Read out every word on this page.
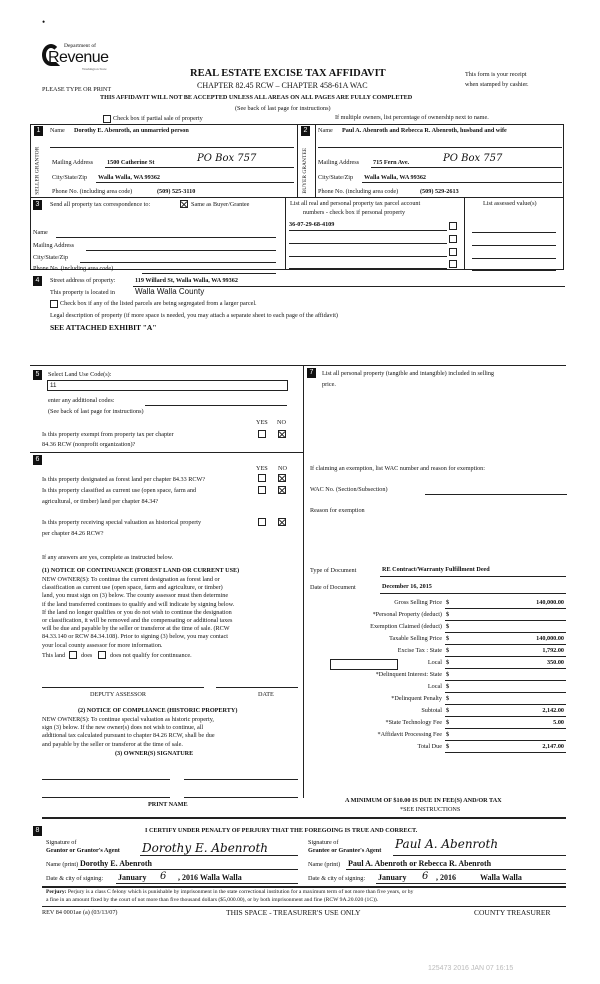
•
Department of
Revenue
Washington State	REAL ESTATE EXCISE TAX AFFIDAVIT
CHAPTER 82.45 RCW – CHAPTER 458-61A WAC
PLEASE TYPE OR PRINT
This form is your receipt
when stamped by cashier.
THIS AFFIDAVIT WILL NOT BE ACCEPTED UNLESS ALL AREAS ON ALL PAGES ARE FULLY COMPLETED
(See back of last page for instructions)
Check box if partial sale of property	If multiple owners, list percentage of ownership next to name.
1
SELLER GRANTOR
Name Dorothy E. Abenroth, an unmarried person
Mailing Address 1500 Catherine St	PO Box 757
City/State/Zip Walla Walla, WA 99362
Phone No. (including area code)	(509) 525-3110
2
BUYER GRANTEE
Name Paul A. Abenroth and Rebecca R. Abenroth, husband and wife
Mailing Address 715 Fern Ave.	PO Box 757
City/State/Zip Walla Walla, WA 99362
Phone No. (including area code)	(509) 529-2613
3	Send all property tax correspondence to:	Same as Buyer/Grantee
Name
Mailing Address
City/State/Zip
Phone No. (including area code)
List all real and personal property tax parcel account
numbers - check box if personal property
36-07-29-68-4109
List assessed value(s)
4	Street address of property:	119 Willard St, Walla Walla, WA 99362
This property is located in	Walla Walla County
Check box if any of the listed parcels are being segregated from a larger parcel.
Legal description of property (if more space is needed, you may attach a separate sheet to each page of the affidavit)
SEE ATTACHED EXHIBIT "A"
5	Select Land Use Code(s):
11
enter any additional codes:
(See back of last page for instructions)
YES NO
Is this property exempt from property tax per chapter
84.36 RCW (nonprofit organization)?
6
YES NO
Is this property designated as forest land per chapter 84.33 RCW?
Is this property classified as current use (open space, farm and
agricultural, or timber) land per chapter 84.34?
Is this property receiving special valuation as historical property
per chapter 84.26 RCW?
If any answers are yes, complete as instructed below.
(1) NOTICE OF CONTINUANCE (FOREST LAND OR CURRENT USE)
NEW OWNER(S): To continue the current designation as forest land or
classification as current use (open space, farm and agriculture, or timber)
land, you must sign on (3) below. The county assessor must then determine
if the land transferred continues to qualify and will indicate by signing below.
If the land no longer qualifies or you do not wish to continue the designation
or classification, it will be removed and the compensating or additional taxes
will be due and payable by the seller or transferor at the time of sale. (RCW
84.33.140 or RCW 84.34.108). Prior to signing (3) below, you may contact
your local county assessor for more information.
This land	does	does not qualify for continuance.
DEPUTY ASSESSOR	DATE
(2) NOTICE OF COMPLIANCE (HISTORIC PROPERTY)
NEW OWNER(S): To continue special valuation as historic property,
sign (3) below. If the new owner(s) does not wish to continue, all
additional tax calculated pursuant to chapter 84.26 RCW, shall be due
and payable by the seller or transferor at the time of sale.
(3) OWNER(S) SIGNATURE
PRINT NAME
7	List all personal property (tangible and intangible) included in selling
price.
If claiming an exemption, list WAC number and reason for exemption:
WAC No. (Section/Subsection)
Reason for exemption
Type of Document	RE Contract/Warranty Fulfillment Deed
Date of Document	December 16, 2015
Gross Selling Price $	140,000.00
*Personal Property (deduct) $
Exemption Claimed (deduct) $
Taxable Selling Price $	140,000.00
Excise Tax : State $	1,792.00
Local $	350.00
*Delinquent Interest: State $
Local $
*Delinquent Penalty $
Subtotal $	2,142.00
*State Technology Fee $	5.00
*Affidavit Processing Fee $
Total Due $	2,147.00
A MINIMUM OF $10.00 IS DUE IN FEE(S) AND/OR TAX
*SEE INSTRUCTIONS
8	I CERTIFY UNDER PENALTY OF PERJURY THAT THE FOREGOING IS TRUE AND CORRECT.
Signature of
Grantor or Grantor's Agent Dorothy E. Abenroth
Name (print) Dorothy E. Abenroth
Date & city of signing: January 6 , 2016 Walla Walla
Signature of
Grantee or Grantee's Agent Paul A. Abenroth
Name (print) Paul A. Abenroth or Rebecca R. Abenroth
Date & city of signing: January 6 , 2016	Walla Walla
Perjury: Perjury is a class C felony which is punishable by imprisonment in the state correctional institution for a maximum term of not more than five years, or by
a fine in an amount fixed by the court of not more than five thousand dollars ($5,000.00), or by both imprisonment and fine (RCW 9A.20.020 (1C)).
REV 84 0001ae (a) (03/13/07)	THIS SPACE - TREASURER'S USE ONLY	COUNTY TREASURER
125473 2016 JAN 07 16:15
